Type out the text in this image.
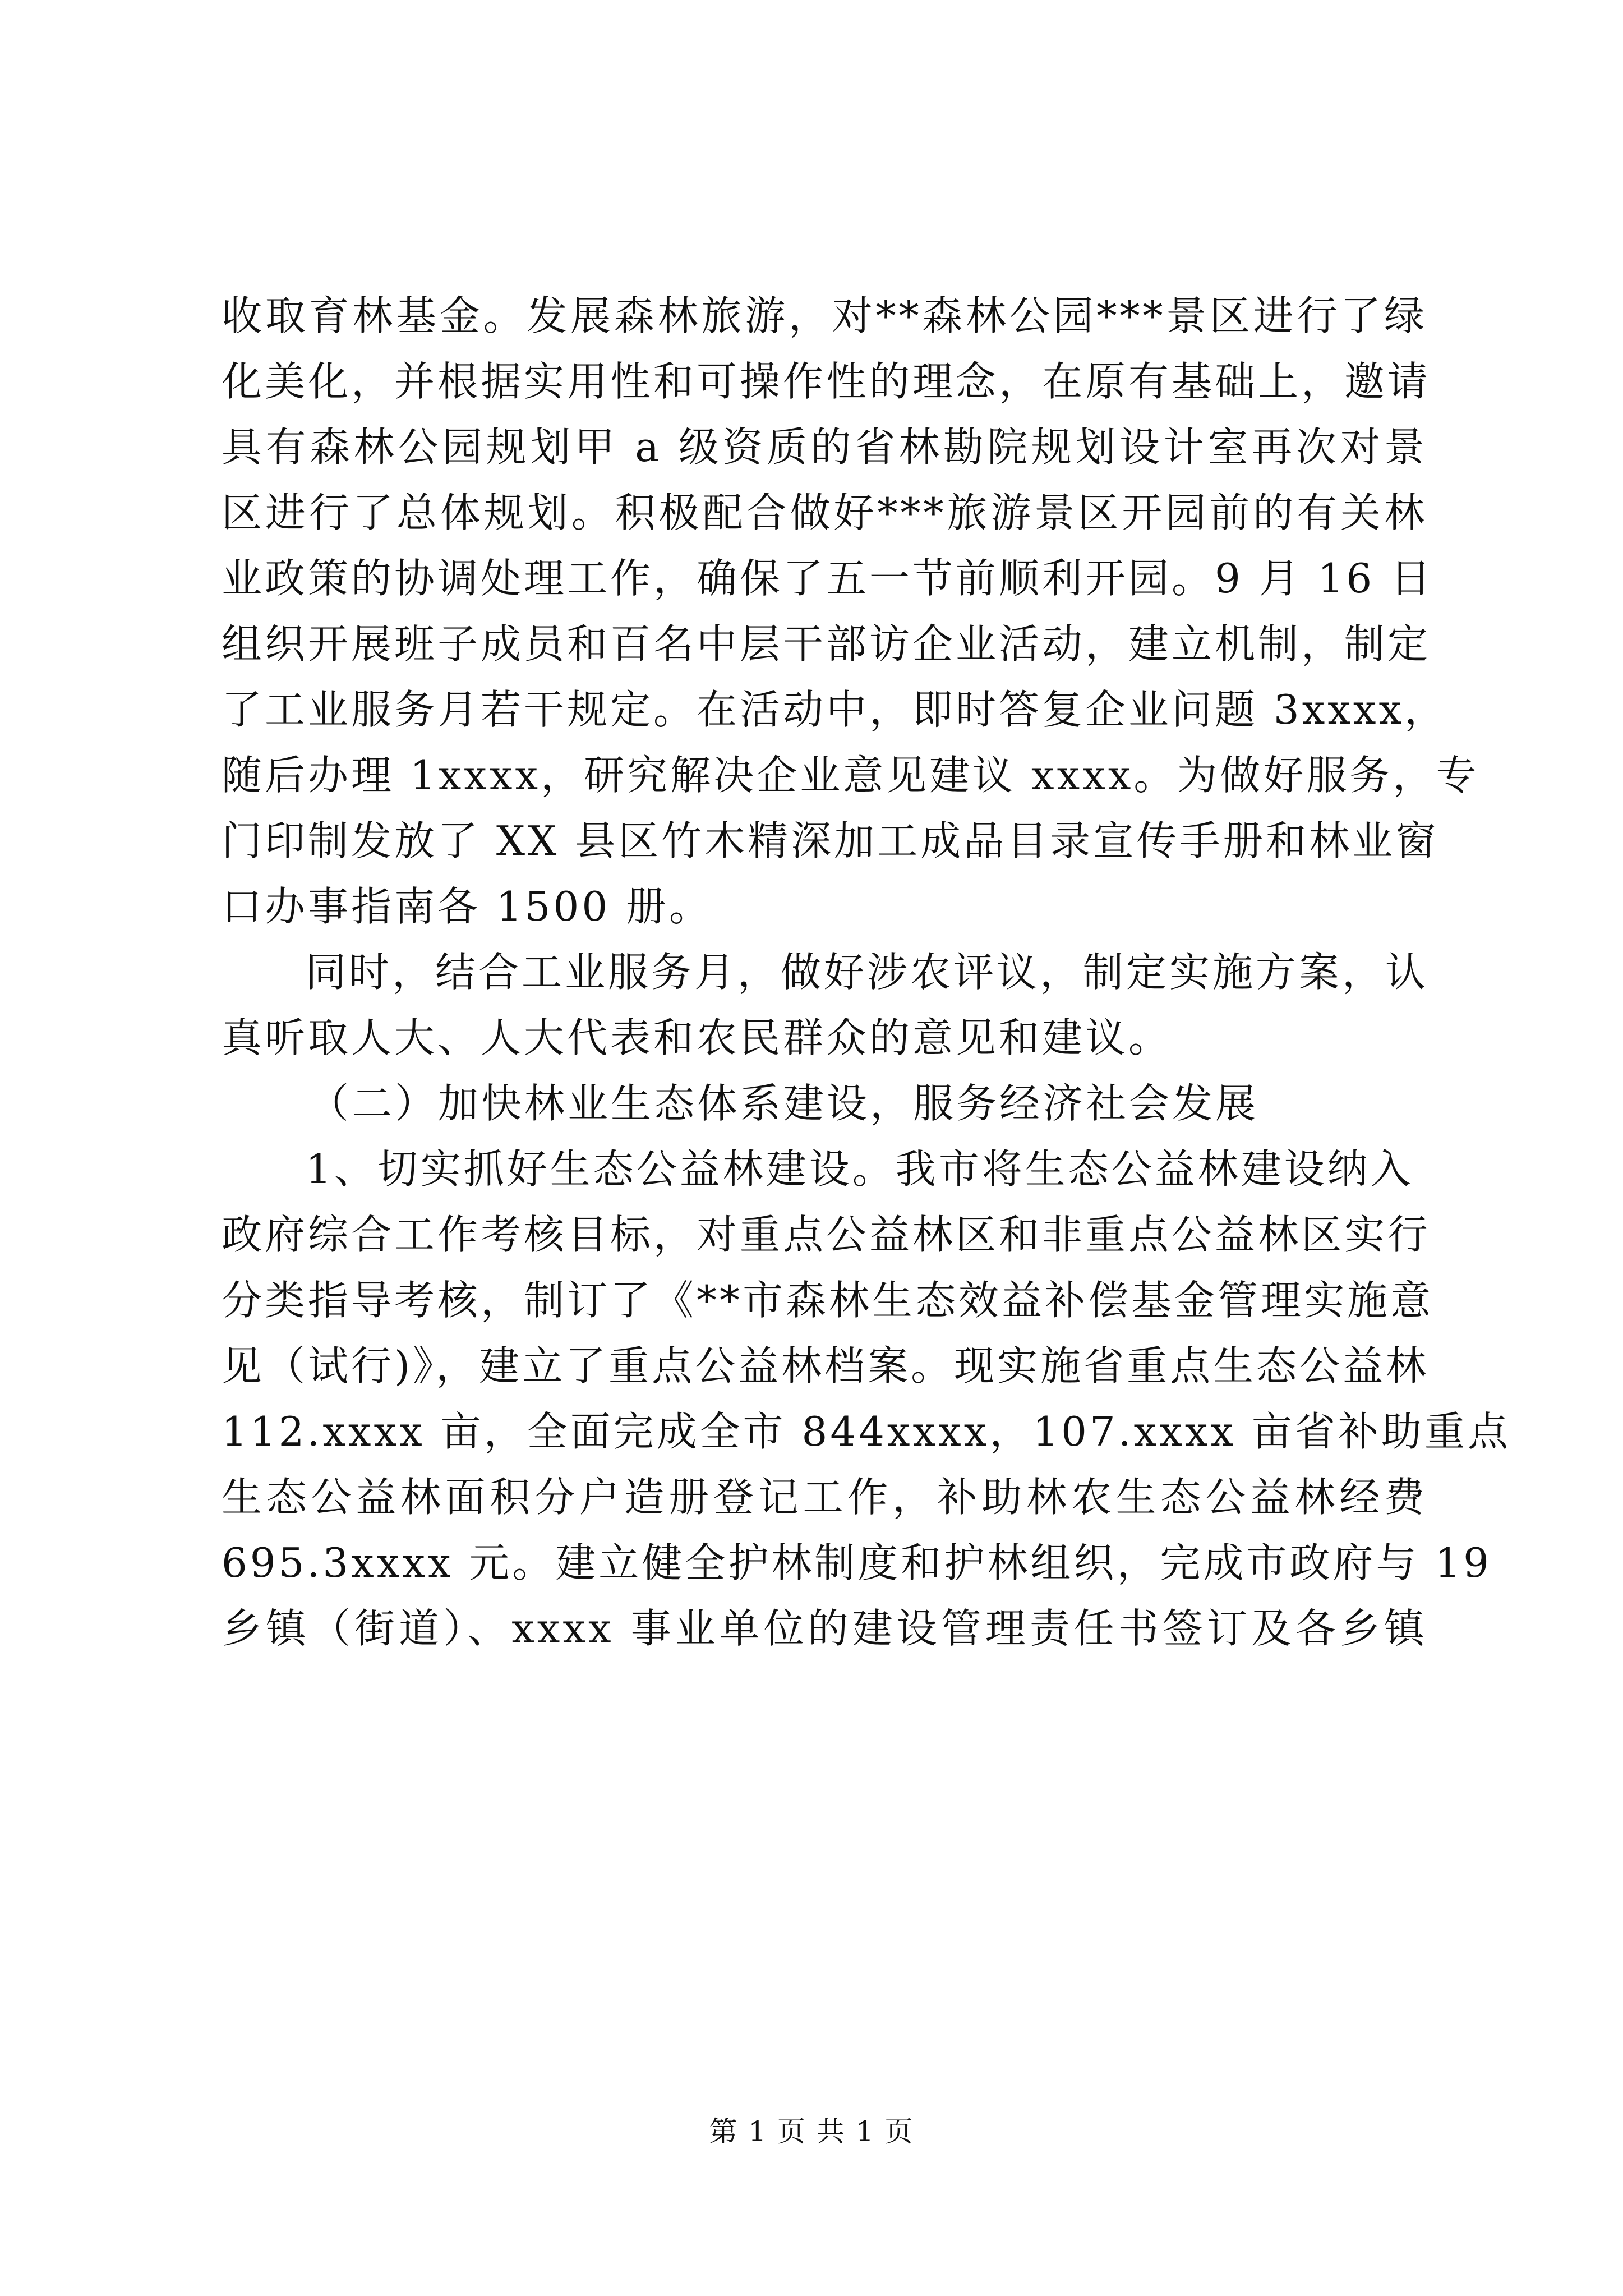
收取育林基金。发展森林旅游，对**森林公园***景区进行了绿
化美化，并根据实用性和可操作性的理念，在原有基础上，邀请
具有森林公园规划甲 a 级资质的省林勘院规划设计室再次对景
区进行了总体规划。积极配合做好***旅游景区开园前的有关林
业政策的协调处理工作，确保了五一节前顺利开园。9 月 16 日
组织开展班子成员和百名中层干部访企业活动，建立机制，制定
了工业服务月若干规定。在活动中，即时答复企业问题 3xxxx，
随后办理 1xxxx，研究解决企业意见建议 xxxx。为做好服务，专
门印制发放了 XX 县区竹木精深加工成品目录宣传手册和林业窗
口办事指南各 1500 册。
同时，结合工业服务月，做好涉农评议，制定实施方案，认
真听取人大、人大代表和农民群众的意见和建议。
（二）加快林业生态体系建设，服务经济社会发展
1、切实抓好生态公益林建设。我市将生态公益林建设纳入
政府综合工作考核目标，对重点公益林区和非重点公益林区实行
分类指导考核，制订了《**市森林生态效益补偿基金管理实施意
见（试行)》，建立了重点公益林档案。现实施省重点生态公益林
112.xxxx 亩，全面完成全市 844xxxx，107.xxxx 亩省补助重点
生态公益林面积分户造册登记工作，补助林农生态公益林经费
695.3xxxx 元。建立健全护林制度和护林组织，完成市政府与 19
乡镇（街道）、xxxx 事业单位的建设管理责任书签订及各乡镇
第 1 页 共 1 页
